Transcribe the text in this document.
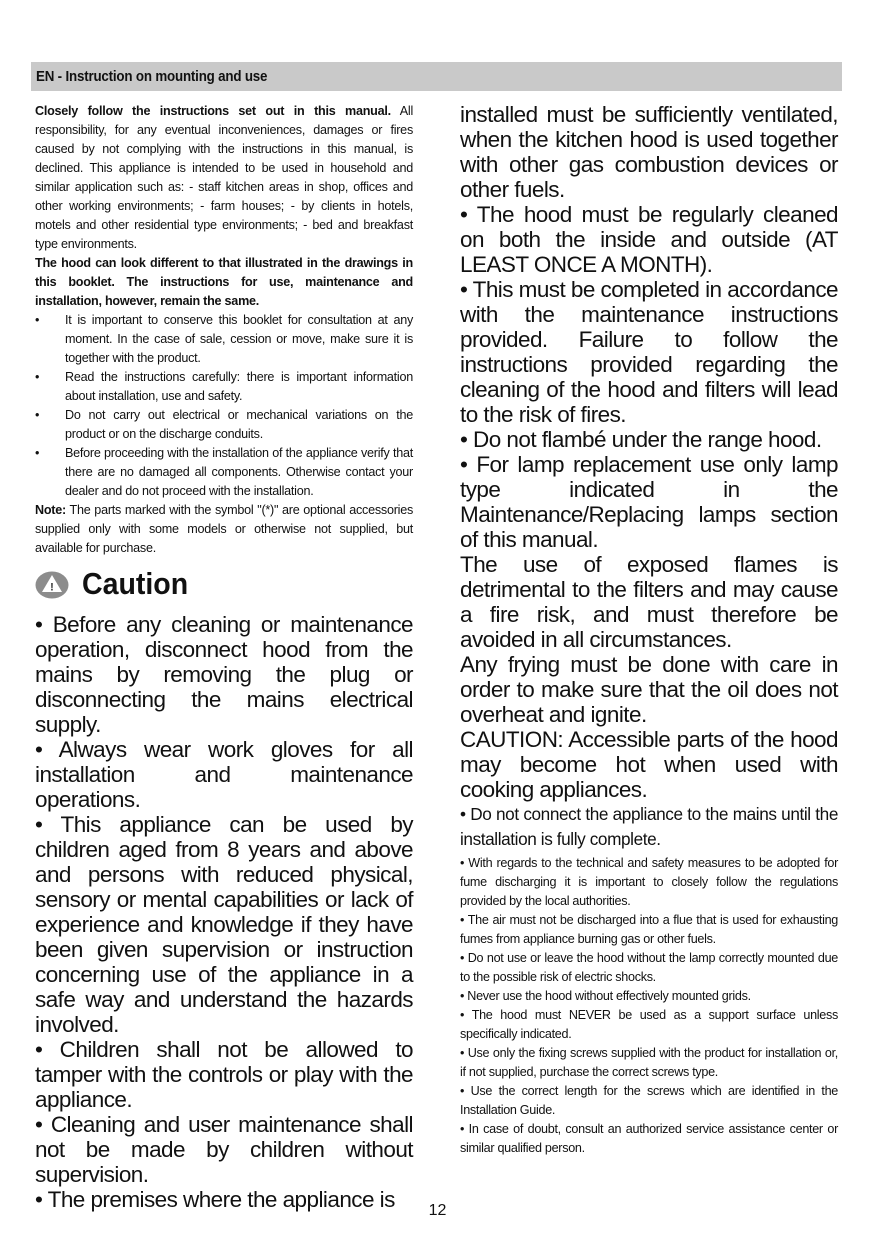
EN - Instruction on mounting and use

Closely follow the instructions set out in this manual. All responsibility, for any eventual inconveniences, damages or fires caused by not complying with the instructions in this manual, is declined. This appliance is intended to be used in household and similar application such as: - staff kitchen areas in shop, offices and other working environments; - farm houses; - by clients in hotels, motels and other residential type environments; - bed and breakfast type environments.

The hood can look different to that illustrated in the drawings in this booklet. The instructions for use, maintenance and installation, however, remain the same.

• It is important to conserve this booklet for consultation at any moment. In the case of sale, cession or move, make sure it is together with the product.
• Read the instructions carefully: there is important information about installation, use and safety.
• Do not carry out electrical or mechanical variations on the product or on the discharge conduits.
• Before proceeding with the installation of the appliance verify that there are no damaged all components. Otherwise contact your dealer and do not proceed with the installation.

Note: The parts marked with the symbol "(*)" are optional accessories supplied only with some models or otherwise not supplied, but available for purchase.

! Caution

• Before any cleaning or maintenance operation, disconnect hood from the mains by removing the plug or disconnecting the mains electrical supply.

• Always wear work gloves for all installation and maintenance operations.

• This appliance can be used by children aged from 8 years and above and persons with reduced physical, sensory or mental capabilities or lack of experience and knowledge if they have been given supervision or instruction concerning use of the appliance in a safe way and understand the hazards involved.

• Children shall not be allowed to tamper with the controls or play with the appliance.

• Cleaning and user maintenance shall not be made by children without supervision.

• The premises where the appliance is

installed must be sufficiently ventilated, when the kitchen hood is used together with other gas combustion devices or other fuels.

• The hood must be regularly cleaned on both the inside and outside (AT LEAST ONCE A MONTH).

• This must be completed in accordance with the maintenance instructions provided. Failure to follow the instructions provided regarding the cleaning of the hood and filters will lead to the risk of fires.

• Do not flambé under the range hood.

• For lamp replacement use only lamp type indicated in the Maintenance/Replacing lamps section of this manual.

The use of exposed flames is detrimental to the filters and may cause a fire risk, and must therefore be avoided in all circumstances.

Any frying must be done with care in order to make sure that the oil does not overheat and ignite.

CAUTION: Accessible parts of the hood may become hot when used with cooking appliances.

• Do not connect the appliance to the mains until the installation is fully complete.

• With regards to the technical and safety measures to be adopted for fume discharging it is important to closely follow the regulations provided by the local authorities.

• The air must not be discharged into a flue that is used for exhausting fumes from appliance burning gas or other fuels.

• Do not use or leave the hood without the lamp correctly mounted due to the possible risk of electric shocks.

• Never use the hood without effectively mounted grids.

• The hood must NEVER be used as a support surface unless specifically indicated.

• Use only the fixing screws supplied with the product for installation or, if not supplied, purchase the correct screws type.

• Use the correct length for the screws which are identified in the Installation Guide.

• In case of doubt, consult an authorized service assistance center or similar qualified person.

12
